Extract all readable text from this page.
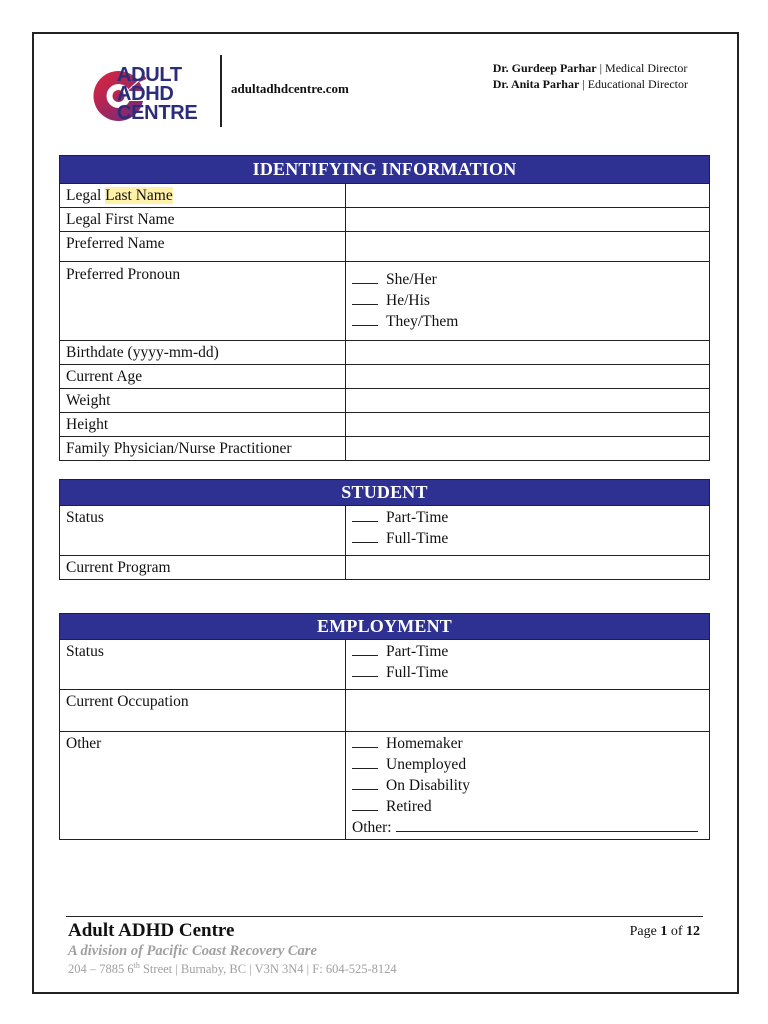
ADULT
ADHD
CENTRE
adultadhdcentre.com
Dr. Gurdeep Parhar | Medical Director
Dr. Anita Parhar | Educational Director
IDENTIFYING INFORMATION	
Legal Last Name	
Legal First Name	
Preferred Name	
Preferred Pronoun	She/Her
He/His
They/Them

Birthdate (yyyy-mm-dd)	
Current Age	
Weight	
Height	
Family Physician/Nurse Practitioner	
STUDENT	
Status	Part-Time
Full-Time

Current Program	
EMPLOYMENT	
Status	Part-Time
Full-Time

Current Occupation	
Other	Homemaker
Unemployed
On Disability
Retired
Other:
Adult ADHD Centre
A division of Pacific Coast Recovery Care
204 – 7885 6th Street | Burnaby, BC | V3N 3N4 | F: 604-525-8124
Page 1 of 12
